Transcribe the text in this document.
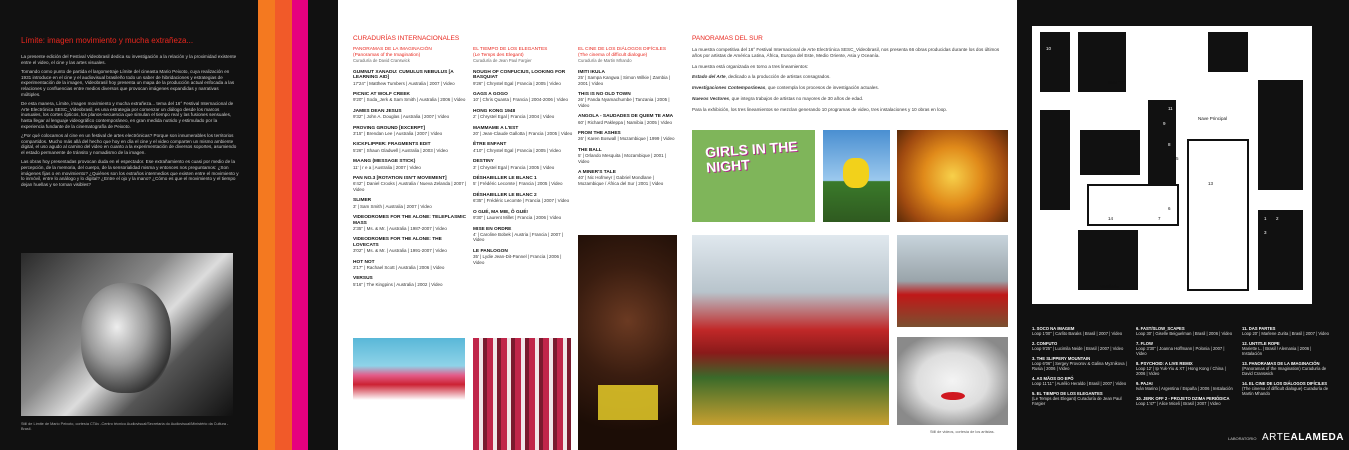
Límite: imagen movimiento y mucha extrañeza...

La presente edición del Festival Videobrasil dedica su investigación a la relación y la proximidad existente entre el video, el cine y las artes visuales.

Tomando como punto de partida el largometraje Límite del cineasta Mario Peixoto, cuya realización en 1931 introduce en el cine y el audiovisual brasileño todo un saber de hibridaciones y estrategias de experimentación de la imagen, Videobrasil hoy presenta un mapa de la producción actual enfocada a las relaciones y confluencias entre medios diversos que provocan imágenes expandidas y narrativas múltiples.

De esta manera, Límite, imagen movimiento y mucha extrañeza... tema del 16° Festival Internacional de Arte Electrónica SESC_Videobrasil, es una estrategia por comenzar un diálogo desde los marcos inusuales, los cortes ópticos, los planos-secuencia que simulan el tiempo real y las fusiones sensuales, hasta llegar al lenguaje videográfico contemporáneo, en gran medida nutrido y estimulado por la experiencia fundante de la cinematografía de Peixoto.

¿Por qué colocamos al cine en un festival de artes electrónicas? Porque son innumerables los territorios compartidos. Mucho más allá del hecho que hoy en día el cine y el video comparten un mismo ambiente digital, el uso agudo al camino del video en cuanto a la experimentación de diversos soportes, asumiendo el estado permanente de tránsito y nomadismo de la imagen.

Las obras hoy presentadas provocan duda en el espectador. Ese extrañamiento es cuasi por medio de la percepción, de la memoria, del cuerpo, de la sensorialidad misma y entonces nos preguntamos: ¿Son imágenes fijas o en movimiento? ¿Quiénes son los extraños intermedios que existen entre el movimiento y lo inmóvil, entre lo análogo y lo digital? ¿Entre el ojo y la mano? ¿Cómo es que el movimiento y el tiempo dejan huellas y se tornan visibles?

Still de Límite de Mario Peixoto, cortesía CTAv -Centro técnico Audiovisual/Secretaria do Audiovisual/Ministério da Cultura - Brasil.
CURADURÍAS INTERNACIONALES
PANORAMAS DE LA IMAGINACIÓN
(Panoramas of the Imagination)
Curaduría de David Cranswick
GUMNUT XANADU: CUMULUS NEBULUS [A LEARNING AID]
17'24" | Matthew Tumbers | Australia | 2007 | Video
PICNIC AT WOLF CREEK
9'20" | Soda_Jerk & Sam Smith | Australia | 2006 | Video
JAMES DEAN JESUS
9'32" | John A. Douglas | Australia | 2007 | Video
PROVING GROUND [EXCERPT]
3'15" | Brendan Lee | Australia | 2007 | Video
KICKFLIPPER: FRAGMENTS EDIT
5'26" | Shaun Gladwell | Australia | 2003 | Video
MAANG (MESSAGE STICK)
11' | r e a | Australia | 2007 | Video
PAN NO.3 [ROTATION ISN'T MOVEMENT]
6'42" | Daniel Crooks | Australia / Nueva Zelanda | 2007 | Video
SLIMER
3' | Sam Smith | Australia | 2007 | Video
VIDEODROMES FOR THE ALONE: TELEPLASMIC MASS
2'35" | Ms. & Mr. | Australia | 1987-2007 | Video
VIDEODROMES FOR THE ALONE: THE LOVECATS
3'02" | Ms. & Mr. | Australia | 1991-2007 | Video
HOT NOT
3'17" | Rachael Scott | Australia | 2006 | Video
VERSUS
5'16" | The Kingpins | Australia | 2002 | Video
EL TIEMPO DE LOS ELEGANTES
(Le Temps des Elegant)
Curaduría de Jean Paul Fargier
NOUGH OF CONFUCIUS, LOOKING FOR BASQUIAT
9'26" | Chrystel Egal | Francia | 2005 | Video
GAGS A GOGO
10' | Chris Quanta | Francia | 2004-2006 | Video
HONG KONG 1948
2' | Chrystel Egal | Francia | 2004 | Video
MAMMAME A L'EST
20' | Jean-Claude Gallotta | Francia | 2005 | Video
ÊTRE ENFANT
4'10" | Chrystel Egal | Francia | 2005 | Video
DESTINY
3' | Chrystel Egal | Francia | 2005 | Video
DÉSHABILLER LE BLANC 1
5' | Frédéric Lecomte | Francia | 2005 | Video
DÉSHABILLER LE BLANC 2
6'35" | Frédéric Lecomte | Francia | 2007 | Video
O GUÉ, MA MIE, Ô GUÉ!
9'30" | Laurent Millet | Francia | 2006 | Video
MISE EN ORDRE
4' | Caroline Bobek | Austria | Francia | 2007 | Video
LE PANLOGON
35' | Lydie Jean-Dit-Pannel | Francia | 2006 | Video
EL CINE DE LOS DIÁLOGOS DIFÍCILES
(The cinema of difficult dialogue)
Curaduría de Martin Mhando
IMITI IKULA
25' | Sampa Kangwa | Simon Wilkie | Zambia | 2001 | Video
THIS IS NO OLD TOWN
26' | Fanda Nyamachumbe | Tanzania | 2005 | Video
ANGOLA - SAUDADES DE QUEM TE AMA
60' | Richard Pakleppa | Namibia | 2005 | Video
FROM THE ASHES
26' | Karen Boswall | Mozambique | 1999 | Video
THE BALL
5' | Orlando Mesquita | Mozambique | 2001 | Video
A MINER'S TALE
40' | Nic Hofmeyr | Gabriel Mondlane | Mozambique / África del Sur | 2001 | Video
PANORAMAS DEL SUR

La muestra competitiva del 16° Festival Internacional de Arte Electrónica SESC_Videobrasil, nos presenta 66 obras producidas durante los dos últimos años por artistas de América Latina, África, Europa del Este, Medio Oriente, Asia y Oceanía.

La muestra está organizada en torno a tres lineamientos:

Estado del Arte, dedicado a la producción de artistas consagrados.

Investigaciones Contemporáneas, que contempla los procesos de investigación actuales.

Nuevos Vectores, que integra trabajos de artistas no mayores de 30 años de edad.

Para la exhibición, los tres lineamientos se mezclan generando 10 programas de video, tres instalaciones y 10 obras en loop.

GIRLS IN THE NIGHT
Still de videos, cortesía de los artistas.
Sala "D"
Nave Principal
Capilla
Claustro Bajo
Vestíbulo
10
12
13
14
11
5
6
7
9
1 2
3
8
1. SOCO NA IMAGEM
Loop 1'00" | Carlito Baraks | Brasil | 2007 | Video
2. CONFUTO
Loop 9'25" | Lucimila Neide | Brasil | 2007 | Video
3. THE SLIPPERY MOUNTAIN
Loop 6'06" | Sergey Provorov & Galina Myznikova | Rusia | 2006 | Video
4. AS MÃOS DO EPÓ
Loop 11'11" | Aurélio Heraldo | Brasil | 2007 | Video
5. EL TIEMPO DE LOS ELEGANTES
(Le Temps des Elegant) Curaduría de Jean Paul Fargier
6. FAST/SLOW_SCAPES
Loop 30' | Giselle Beiguelman | Brasil | 2006 | Video
7. FLOW
Loop 3'30" | Joanna Hoffmann | Polonia | 2007 | Video
8. PSYCHOID: A LIVE REMIX
Loop 12' | Ip Yuk-Yiu & XT | Hong Kong / China | 2006 | Video
9. PAJAI
Iván Marino | Argentina / España | 2006 | Instalación
10. JERK OFF 2 - PROJETO DZIMA PERIÓDICA
Loop 1'47" | Alice Miceli | Brasil | 2007 | Video
11. DAS PARTES
Loop 20' | Marlene Zurita | Brasil | 2007 | Video
12. UNTITLE ROPE
Mariette L. | Brasil / Alemania | 2006 | Instalación
13. PANORAMAS DE LA IMAGINACIÓN
(Panoramas of the Imagination) Curaduría de David Cranswick
14. EL CINE DE LOS DIÁLOGOS DIFÍCILES
(The cinema of difficult dialogue) Curaduría de Martin Mhando
LABORATORIO ARTEALAMEDA
